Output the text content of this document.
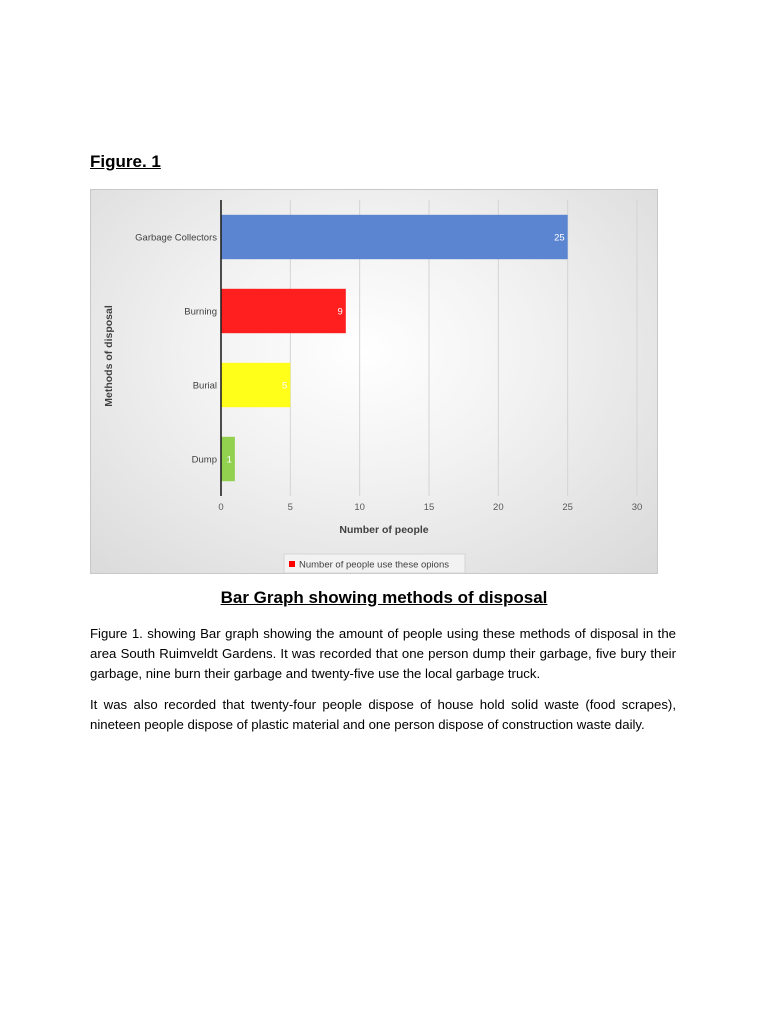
Figure. 1
Garbage Collectors
Burning
Burial
Dump
0	5	10	15	20	25	30
25
9
5
1
Number of people
Methods of disposal
Number of people use these opions
Bar Graph showing methods of disposal

Figure 1. showing Bar graph showing the amount of people using these methods of disposal in the area South Ruimveldt Gardens. It was recorded that one person dump their garbage, five bury their garbage, nine burn their garbage and twenty-five use the local garbage truck.

It was also recorded that twenty-four people dispose of house hold solid waste (food scrapes), nineteen people dispose of plastic material and one person dispose of construction waste daily.
